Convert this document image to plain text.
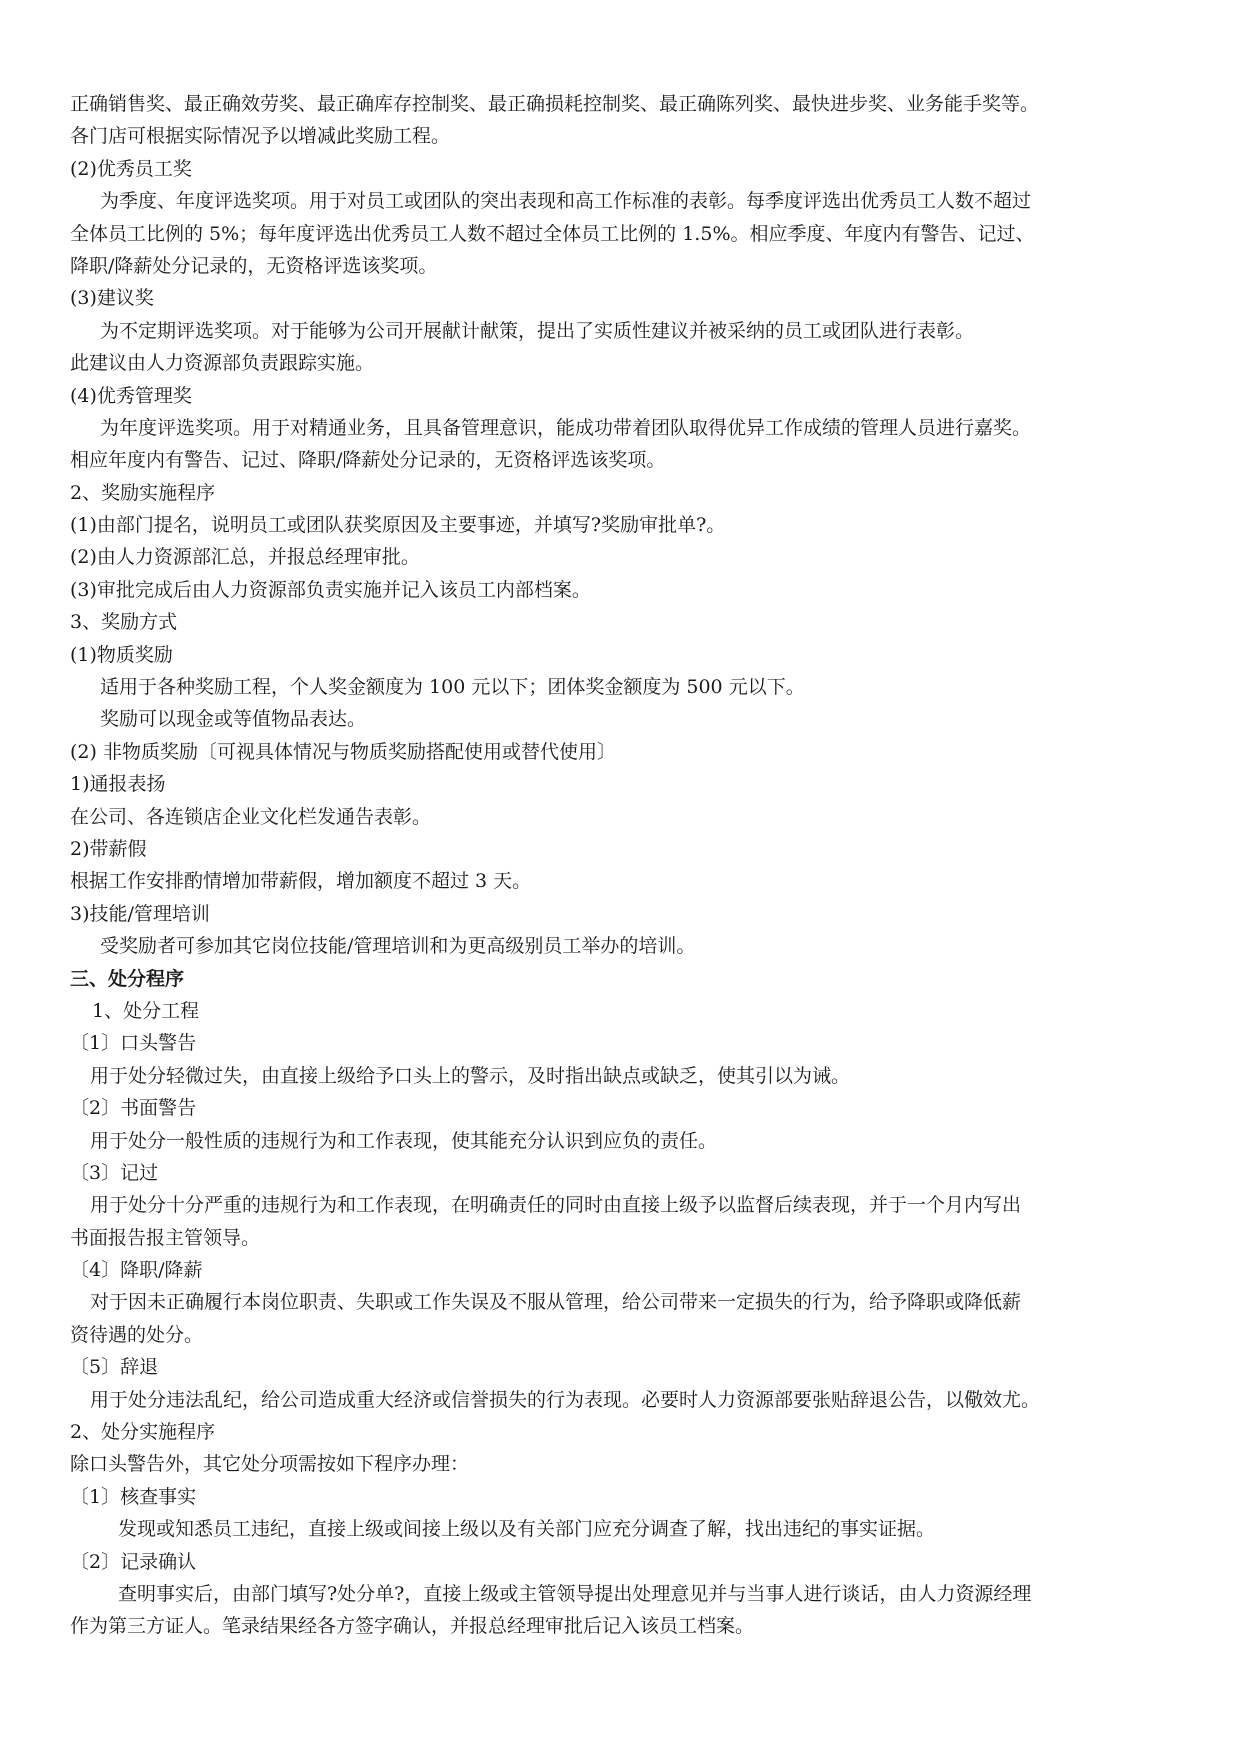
正确销售奖、最正确效劳奖、最正确库存控制奖、最正确损耗控制奖、最正确陈列奖、最快进步奖、业务能手奖等。
各门店可根据实际情况予以增减此奖励工程。
(2)优秀员工奖
为季度、年度评选奖项。用于对员工或团队的突出表现和高工作标准的表彰。每季度评选出优秀员工人数不超过
全体员工比例的 5%；每年度评选出优秀员工人数不超过全体员工比例的 1.5%。相应季度、年度内有警告、记过、
降职/降薪处分记录的，无资格评选该奖项。
(3)建议奖
为不定期评选奖项。对于能够为公司开展献计献策，提出了实质性建议并被采纳的员工或团队进行表彰。
此建议由人力资源部负责跟踪实施。
(4)优秀管理奖
为年度评选奖项。用于对精通业务，且具备管理意识，能成功带着团队取得优异工作成绩的管理人员进行嘉奖。
相应年度内有警告、记过、降职/降薪处分记录的，无资格评选该奖项。
2、奖励实施程序
(1)由部门提名，说明员工或团队获奖原因及主要事迹，并填写?奖励审批单?。
(2)由人力资源部汇总，并报总经理审批。
(3)审批完成后由人力资源部负责实施并记入该员工内部档案。
3、奖励方式
(1)物质奖励
适用于各种奖励工程，个人奖金额度为 100 元以下；团体奖金额度为 500 元以下。
奖励可以现金或等值物品表达。
(2) 非物质奖励〔可视具体情况与物质奖励搭配使用或替代使用〕
1)通报表扬
在公司、各连锁店企业文化栏发通告表彰。
2)带薪假
根据工作安排酌情增加带薪假，增加额度不超过 3 天。
3)技能/管理培训
受奖励者可参加其它岗位技能/管理培训和为更高级别员工举办的培训。
三、处分程序
1、处分工程
〔1〕口头警告
用于处分轻微过失，由直接上级给予口头上的警示，及时指出缺点或缺乏，使其引以为诫。
〔2〕书面警告
用于处分一般性质的违规行为和工作表现，使其能充分认识到应负的责任。
〔3〕记过
用于处分十分严重的违规行为和工作表现，在明确责任的同时由直接上级予以监督后续表现，并于一个月内写出
书面报告报主管领导。
〔4〕降职/降薪
对于因未正确履行本岗位职责、失职或工作失误及不服从管理，给公司带来一定损失的行为，给予降职或降低薪
资待遇的处分。
〔5〕辞退
用于处分违法乱纪，给公司造成重大经济或信誉损失的行为表现。必要时人力资源部要张贴辞退公告，以儆效尤。
2、处分实施程序
除口头警告外，其它处分项需按如下程序办理：
〔1〕核查事实
发现或知悉员工违纪，直接上级或间接上级以及有关部门应充分调查了解，找出违纪的事实证据。
〔2〕记录确认
查明事实后，由部门填写?处分单?，直接上级或主管领导提出处理意见并与当事人进行谈话，由人力资源经理
作为第三方证人。笔录结果经各方签字确认，并报总经理审批后记入该员工档案。
